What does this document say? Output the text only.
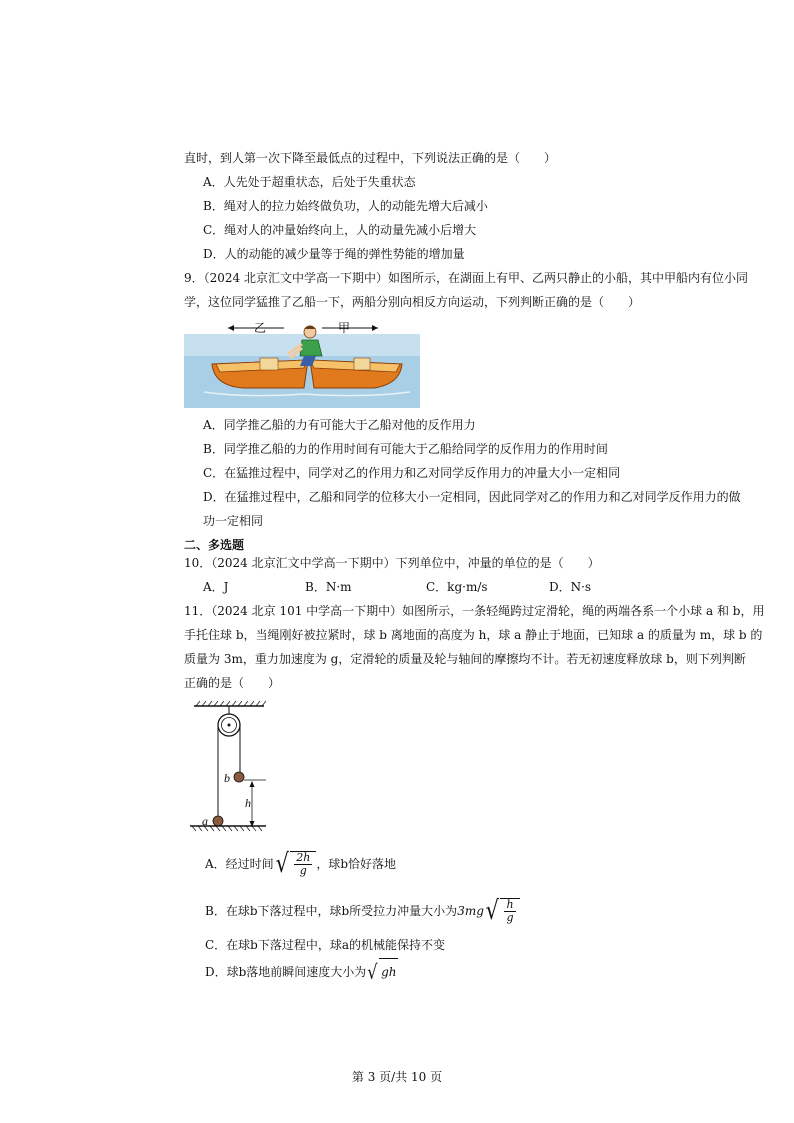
直时，到人第一次下降至最低点的过程中，下列说法正确的是（　　）
A．人先处于超重状态，后处于失重状态
B．绳对人的拉力始终做负功，人的动能先增大后减小
C．绳对人的冲量始终向上，人的动量先减小后增大
D．人的动能的减少量等于绳的弹性势能的增加量
9．（2024 北京汇文中学高一下期中）如图所示，在湖面上有甲、乙两只静止的小船，其中甲船内有位小同
学，这位同学猛推了乙船一下，两船分别向相反方向运动，下列判断正确的是（　　）
乙	甲
A．同学推乙船的力有可能大于乙船对他的反作用力
B．同学推乙船的力的作用时间有可能大于乙船给同学的反作用力的作用时间
C．在猛推过程中，同学对乙的作用力和乙对同学反作用力的冲量大小一定相同
D．在猛推过程中，乙船和同学的位移大小一定相同，因此同学对乙的作用力和乙对同学反作用力的做
功一定相同
二、多选题
10．（2024 北京汇文中学高一下期中）下列单位中，冲量的单位的是（　　）
A．J	B．N·m	C．kg·m/s	D．N·s
11．（2024 北京 101 中学高一下期中）如图所示，一条轻绳跨过定滑轮，绳的两端各系一个小球 a 和 b，用
手托住球 b，当绳刚好被拉紧时，球 b 离地面的高度为 h，球 a 静止于地面，已知球 a 的质量为 m，球 b 的
质量为 3m，重力加速度为 g，定滑轮的质量及轮与轴间的摩擦均不计。若无初速度释放球 b，则下列判断
正确的是（　　）
b
h
a
A．经过时间 √ $\frac{2h}{g}$ ，球b恰好落地
B．在球b下落过程中，球b所受拉力冲量大小为 3mg √ $\frac{h}{g}$
C．在球b下落过程中，球a的机械能保持不变
D．球b落地前瞬间速度大小为 √ gh
第 3 页/共 10 页
